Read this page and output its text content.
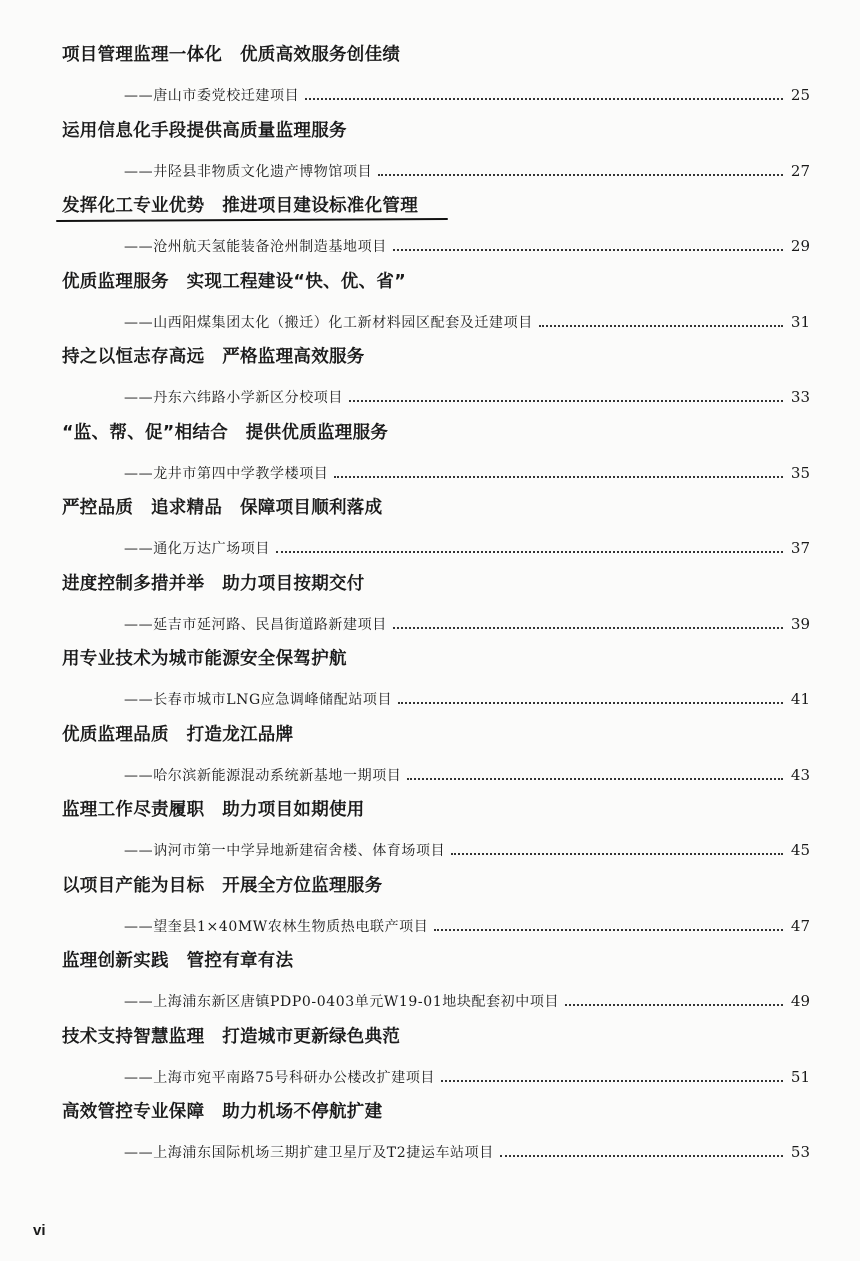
项目管理监理一体化　优质高效服务创佳绩
——唐山市委党校迁建项目	25
运用信息化手段提供高质量监理服务
——井陉县非物质文化遗产博物馆项目	27
发挥化工专业优势　推进项目建设标准化管理
——沧州航天氢能装备沧州制造基地项目	29
优质监理服务　实现工程建设“快、优、省”
——山西阳煤集团太化（搬迁）化工新材料园区配套及迁建项目	31
持之以恒志存高远　严格监理高效服务
——丹东六纬路小学新区分校项目	33
“监、帮、促”相结合　提供优质监理服务
——龙井市第四中学教学楼项目	35
严控品质　追求精品　保障项目顺利落成
——通化万达广场项目	37
进度控制多措并举　助力项目按期交付
——延吉市延河路、民昌街道路新建项目	39
用专业技术为城市能源安全保驾护航
——长春市城市LNG应急调峰储配站项目	41
优质监理品质　打造龙江品牌
——哈尔滨新能源混动系统新基地一期项目	43
监理工作尽责履职　助力项目如期使用
——讷河市第一中学异地新建宿舍楼、体育场项目	45
以项目产能为目标　开展全方位监理服务
——望奎县1×40MW农林生物质热电联产项目	47
监理创新实践　管控有章有法
——上海浦东新区唐镇PDP0-0403单元W19-01地块配套初中项目	49
技术支持智慧监理　打造城市更新绿色典范
——上海市宛平南路75号科研办公楼改扩建项目	51
高效管控专业保障　助力机场不停航扩建
——上海浦东国际机场三期扩建卫星厅及T2捷运车站项目	53
vi
